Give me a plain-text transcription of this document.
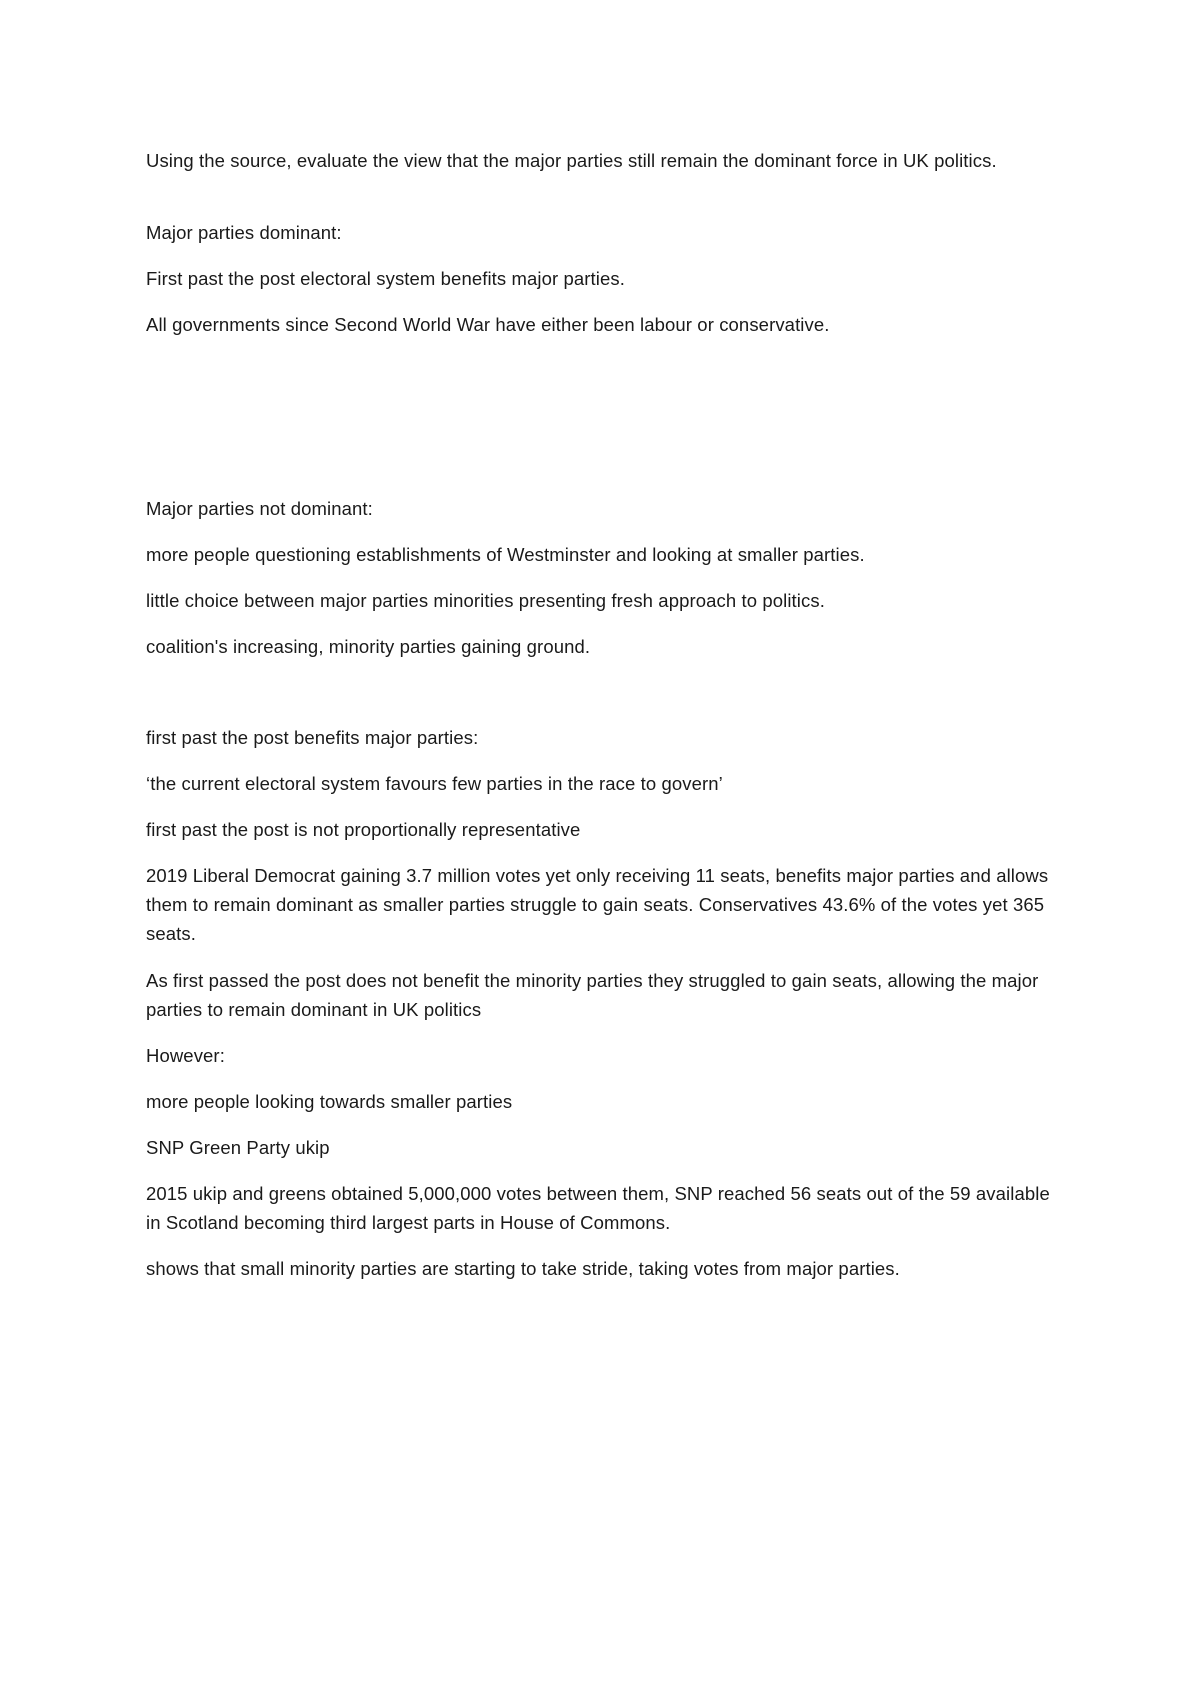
Using the source, evaluate the view that the major parties still remain the dominant force in UK politics.

Major parties dominant:

First past the post electoral system benefits major parties.

All governments since Second World War have either been labour or conservative.

Major parties not dominant:

more people questioning establishments of Westminster and looking at smaller parties.

little choice between major parties minorities presenting fresh approach to politics.

coalition's increasing, minority parties gaining ground.

first past the post benefits major parties:

‘the current electoral system favours few parties in the race to govern’

first past the post is not proportionally representative

2019 Liberal Democrat gaining 3.7 million votes yet only receiving 11 seats, benefits major parties and allows them to remain dominant as smaller parties struggle to gain seats. Conservatives 43.6% of the votes yet 365 seats.

As first passed the post does not benefit the minority parties they struggled to gain seats, allowing the major parties to remain dominant in UK politics

However:

more people looking towards smaller parties

SNP Green Party ukip

2015 ukip and greens obtained 5,000,000 votes between them, SNP reached 56 seats out of the 59 available in Scotland becoming third largest parts in House of Commons.

shows that small minority parties are starting to take stride, taking votes from major parties.
